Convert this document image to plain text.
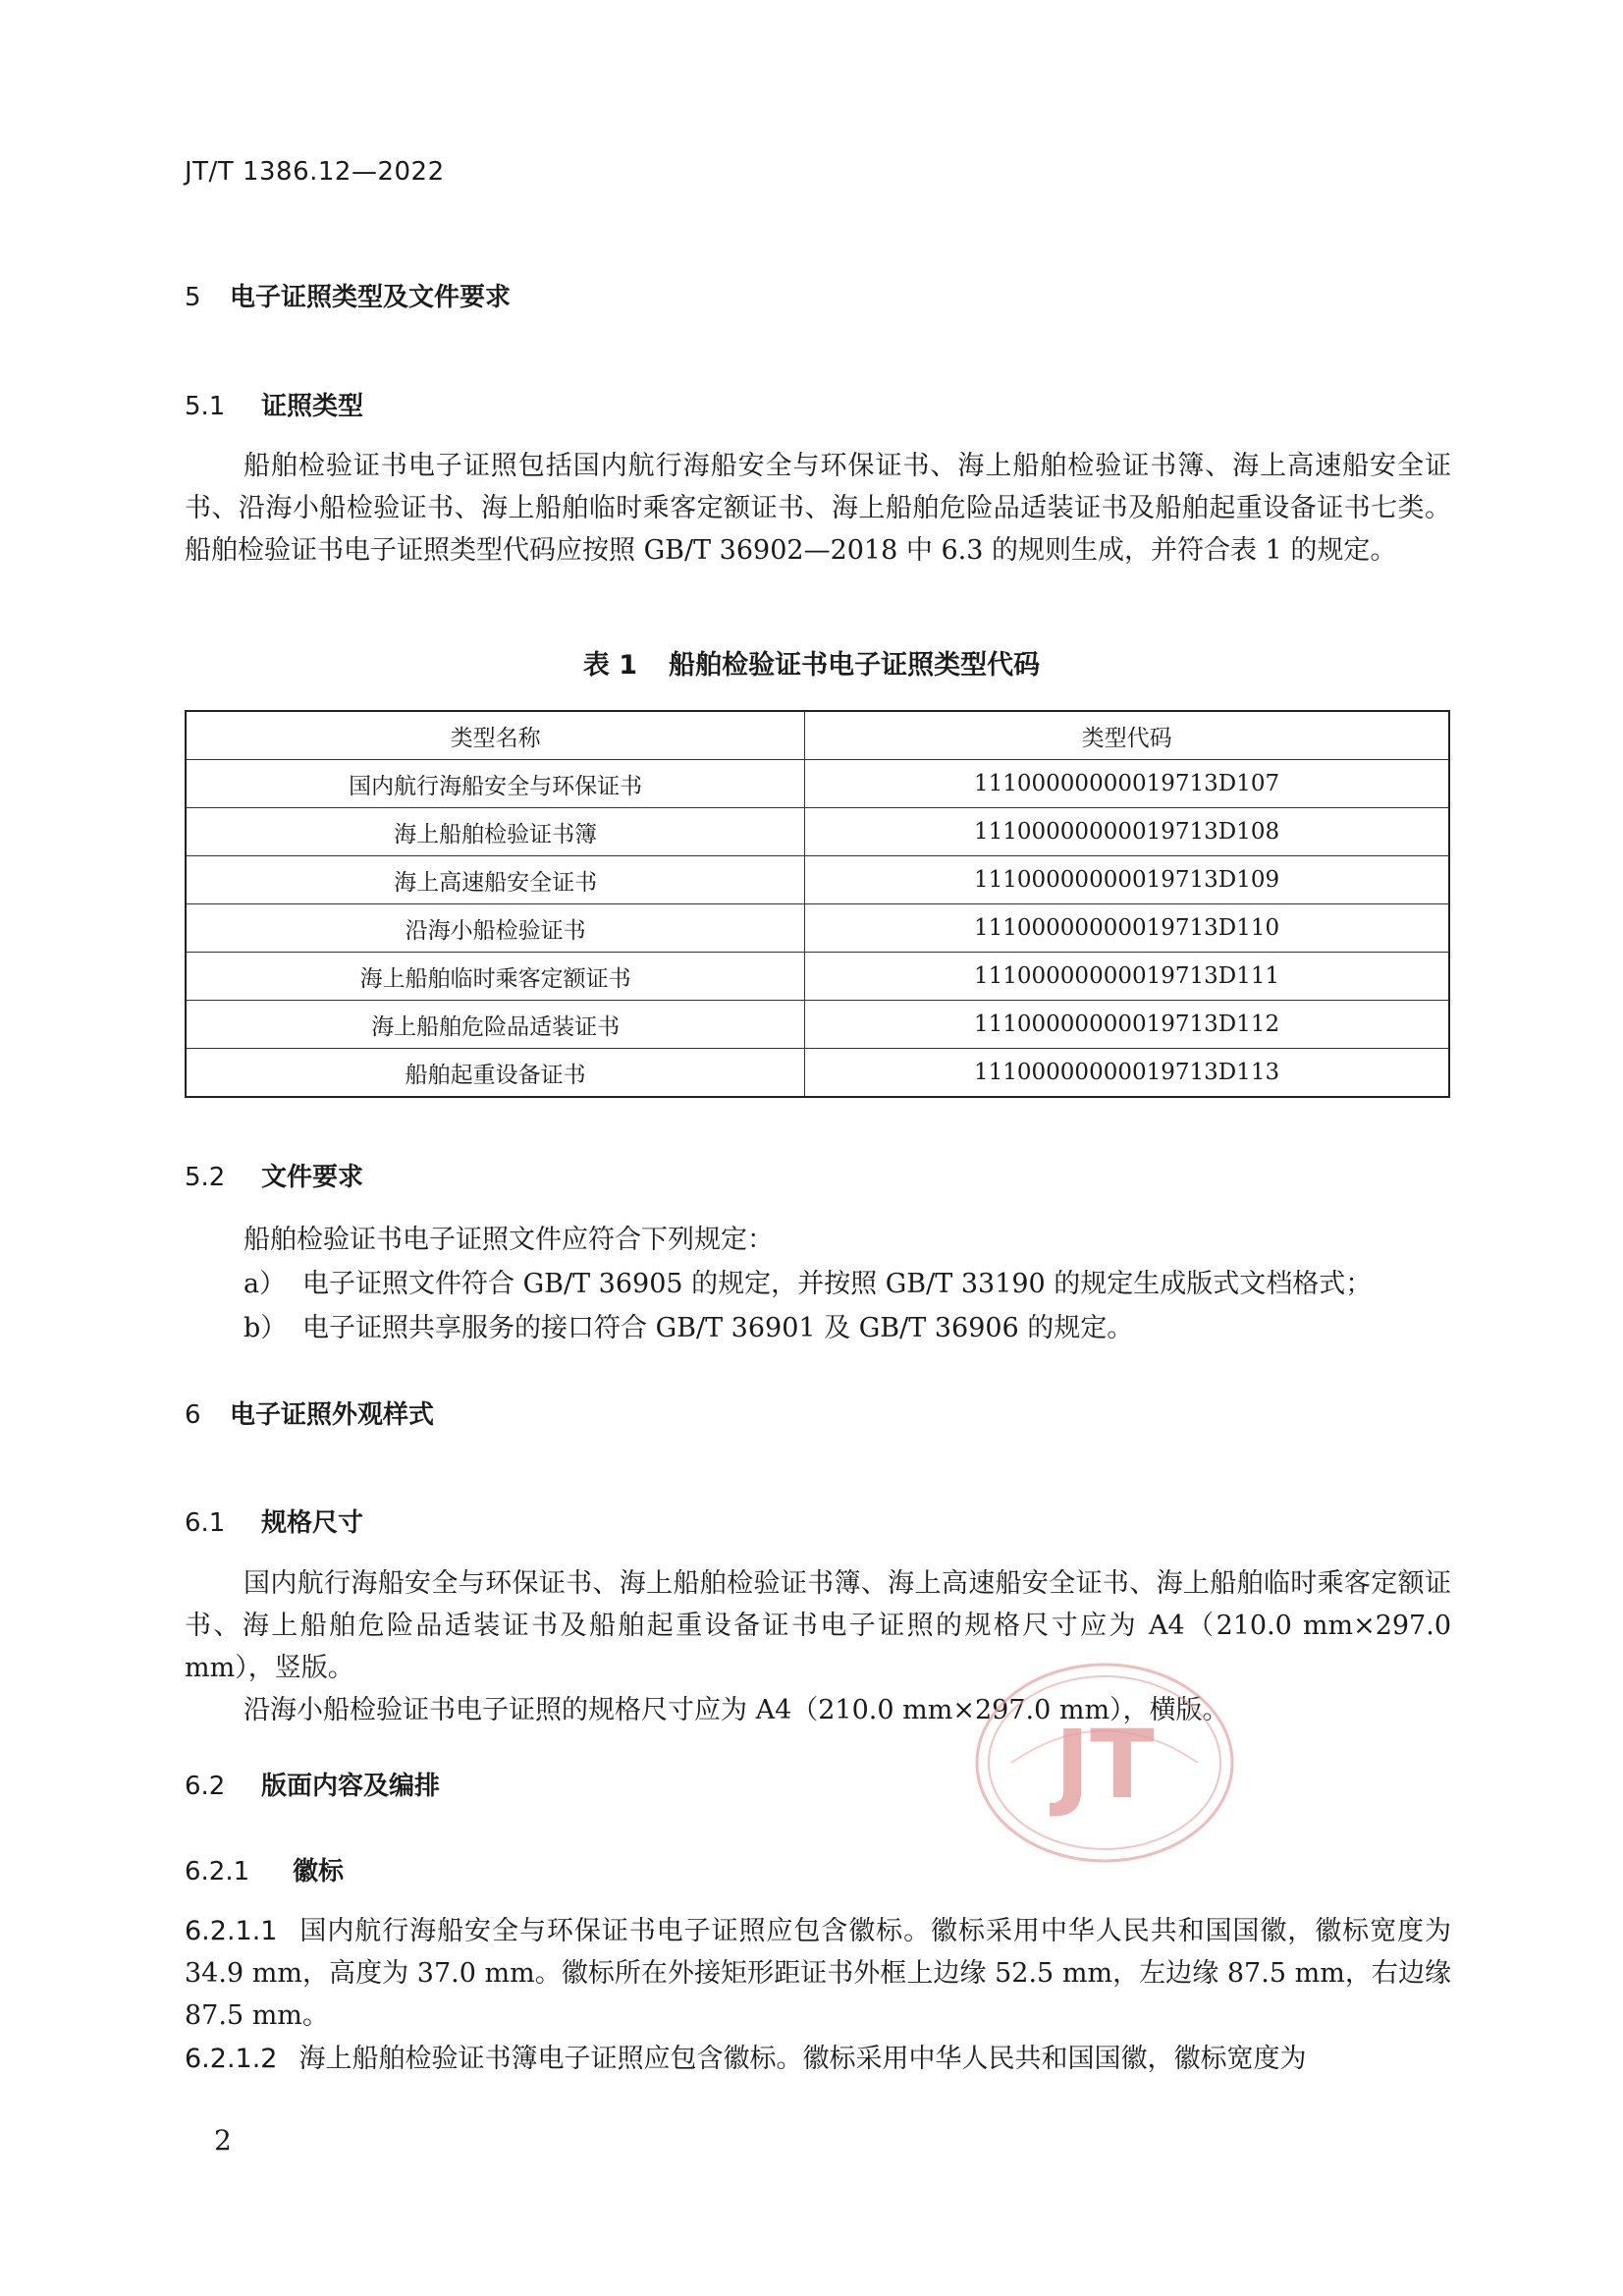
JT/T 1386.12—2022
5 电子证照类型及文件要求
5.1 证照类型

船舶检验证书电子证照包括国内航行海船安全与环保证书、海上船舶检验证书簿、海上高速船安全证书、沿海小船检验证书、海上船舶临时乘客定额证书、海上船舶危险品适装证书及船舶起重设备证书七类。船舶检验证书电子证照类型代码应按照 GB/T 36902—2018 中 6.3 的规则生成，并符合表 1 的规定。

表 1 船舶检验证书电子证照类型代码
类型名称	类型代码
国内航行海船安全与环保证书	11100000000019713D107
海上船舶检验证书簿	11100000000019713D108
海上高速船安全证书	11100000000019713D109
沿海小船检验证书	11100000000019713D110
海上船舶临时乘客定额证书	11100000000019713D111
海上船舶危险品适装证书	11100000000019713D112
船舶起重设备证书	11100000000019713D113
5.2 文件要求
船舶检验证书电子证照文件应符合下列规定：
a） 电子证照文件符合 GB/T 36905 的规定，并按照 GB/T 33190 的规定生成版式文档格式；
b） 电子证照共享服务的接口符合 GB/T 36901 及 GB/T 36906 的规定。
6 电子证照外观样式
6.1 规格尺寸

国内航行海船安全与环保证书、海上船舶检验证书簿、海上高速船安全证书、海上船舶临时乘客定额证书、海上船舶危险品适装证书及船舶起重设备证书电子证照的规格尺寸应为 A4（210.0 mm×297.0 mm），竖版。

沿海小船检验证书电子证照的规格尺寸应为 A4（210.0 mm×297.0 mm），横版。

6.2 版面内容及编排
6.2.1 徽标

6.2.1.1 国内航行海船安全与环保证书电子证照应包含徽标。徽标采用中华人民共和国国徽，徽标宽度为 34.9 mm，高度为 37.0 mm。徽标所在外接矩形距证书外框上边缘 52.5 mm，左边缘 87.5 mm，右边缘 87.5 mm。

6.2.1.2 海上船舶检验证书簿电子证照应包含徽标。徽标采用中华人民共和国国徽，徽标宽度为

2
JT
